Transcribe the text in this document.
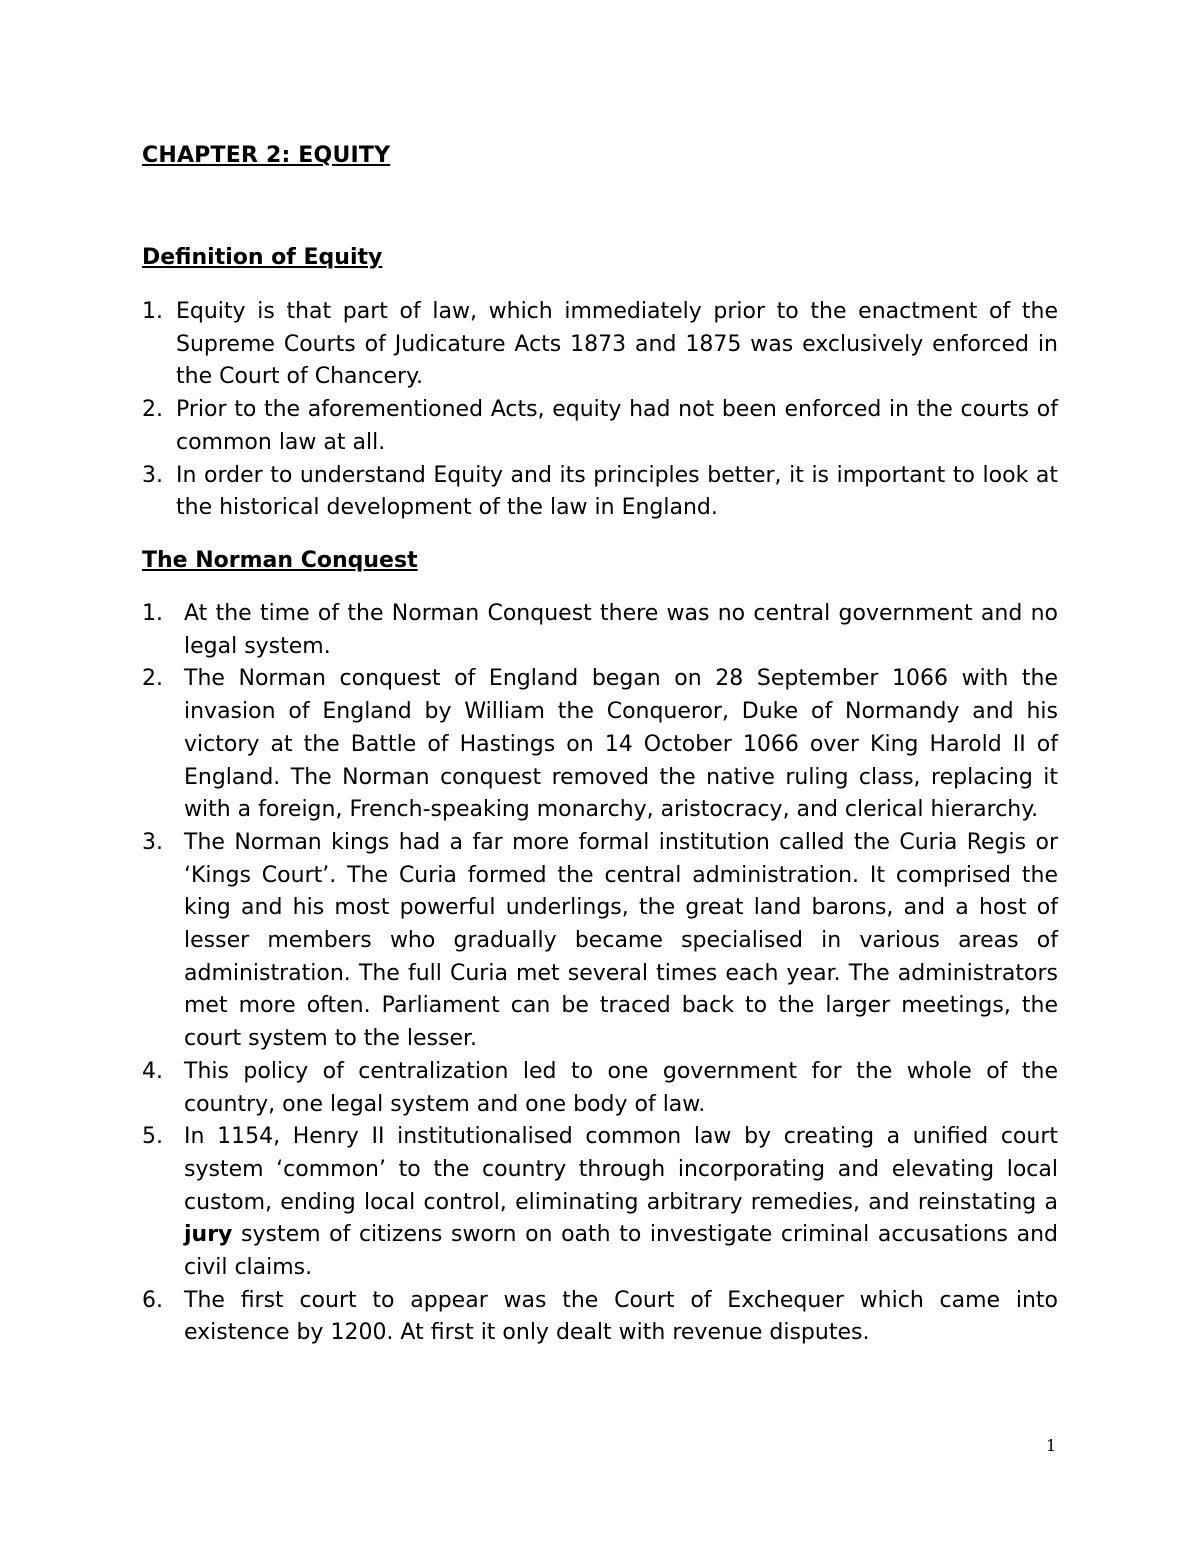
CHAPTER 2: EQUITY
Definition of Equity
1. Equity is that part of law, which immediately prior to the enactment of the Supreme Courts of Judicature Acts 1873 and 1875 was exclusively enforced in the Court of Chancery.
2. Prior to the aforementioned Acts, equity had not been enforced in the courts of common law at all.
3. In order to understand Equity and its principles better, it is important to look at the historical development of the law in England.
The Norman Conquest
1. At the time of the Norman Conquest there was no central government and no legal system.
2. The Norman conquest of England began on 28 September 1066 with the invasion of England by William the Conqueror, Duke of Normandy and his victory at the Battle of Hastings on 14 October 1066 over King Harold II of England. The Norman conquest removed the native ruling class, replacing it with a foreign, French-speaking monarchy, aristocracy, and clerical hierarchy.
3. The Norman kings had a far more formal institution called the Curia Regis or ‘Kings Court’. The Curia formed the central administration. It comprised the king and his most powerful underlings, the great land barons, and a host of lesser members who gradually became specialised in various areas of administration. The full Curia met several times each year. The administrators met more often. Parliament can be traced back to the larger meetings, the court system to the lesser.
4. This policy of centralization led to one government for the whole of the country, one legal system and one body of law.
5. In 1154, Henry II institutionalised common law by creating a unified court system ‘common’ to the country through incorporating and elevating local custom, ending local control, eliminating arbitrary remedies, and reinstating a jury system of citizens sworn on oath to investigate criminal accusations and civil claims.
6. The first court to appear was the Court of Exchequer which came into existence by 1200. At first it only dealt with revenue disputes.
1
